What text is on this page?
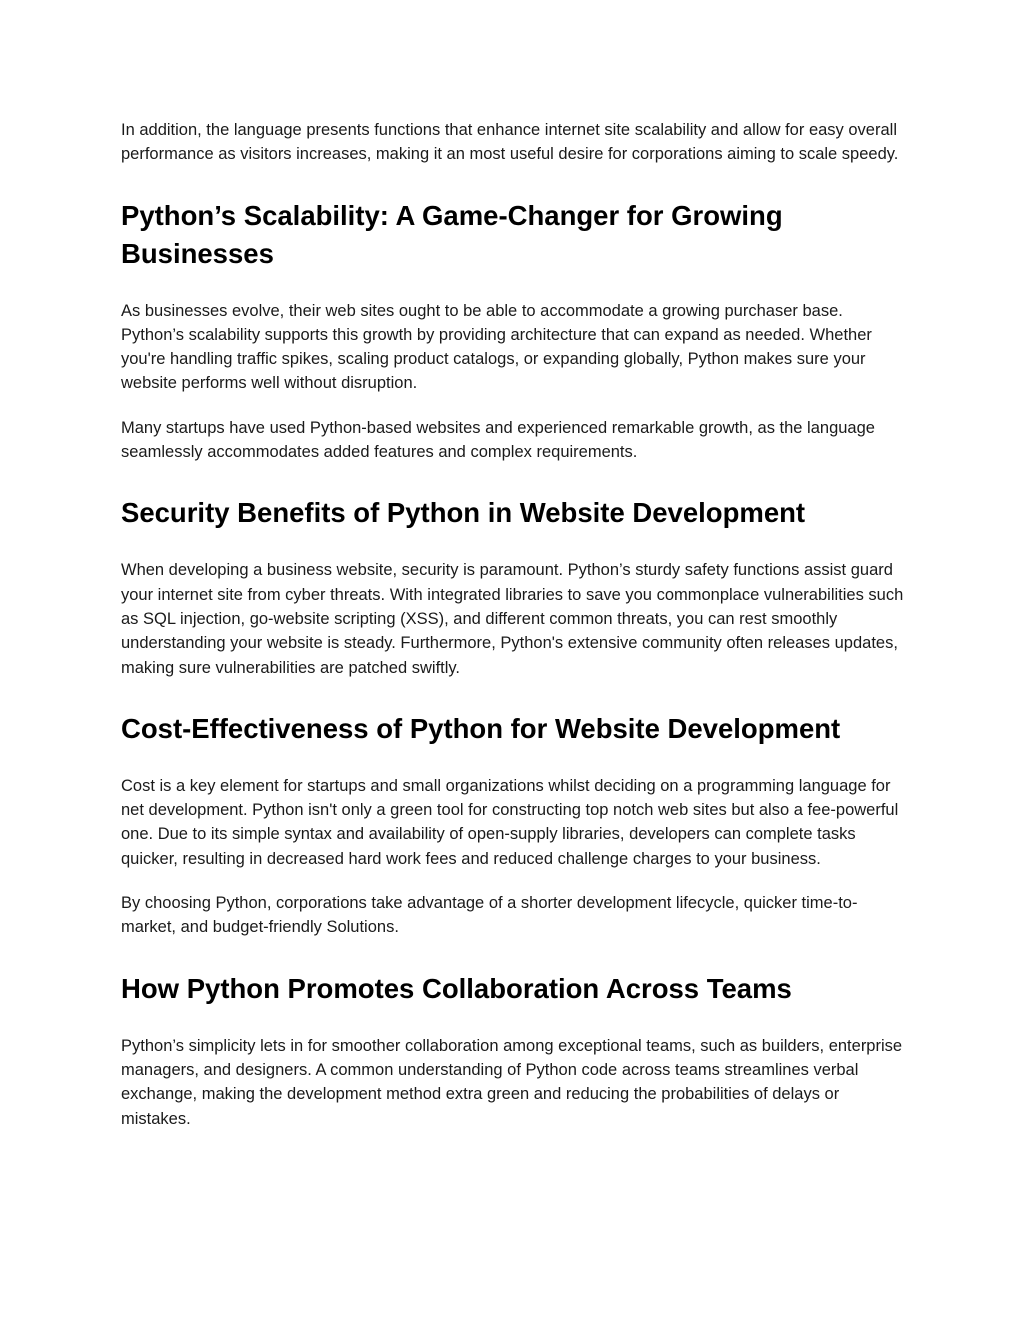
In addition, the language presents functions that enhance internet site scalability and allow for easy overall performance as visitors increases, making it an most useful desire for corporations aiming to scale speedy.

Python’s Scalability: A Game-Changer for Growing Businesses

As businesses evolve, their web sites ought to be able to accommodate a growing purchaser base. Python’s scalability supports this growth by providing architecture that can expand as needed. Whether you're handling traffic spikes, scaling product catalogs, or expanding globally, Python makes sure your website performs well without disruption.

Many startups have used Python-based websites and experienced remarkable growth, as the language seamlessly accommodates added features and complex requirements.

Security Benefits of Python in Website Development

When developing a business website, security is paramount. Python’s sturdy safety functions assist guard your internet site from cyber threats. With integrated libraries to save you commonplace vulnerabilities such as SQL injection, go-website scripting (XSS), and different common threats, you can rest smoothly understanding your website is steady. Furthermore, Python's extensive community often releases updates, making sure vulnerabilities are patched swiftly.

Cost-Effectiveness of Python for Website Development

Cost is a key element for startups and small organizations whilst deciding on a programming language for net development. Python isn't only a green tool for constructing top notch web sites but also a fee-powerful one. Due to its simple syntax and availability of open-supply libraries, developers can complete tasks quicker, resulting in decreased hard work fees and reduced challenge charges to your business.

By choosing Python, corporations take advantage of a shorter development lifecycle, quicker time-to-market, and budget-friendly Solutions.

How Python Promotes Collaboration Across Teams

Python’s simplicity lets in for smoother collaboration among exceptional teams, such as builders, enterprise managers, and designers. A common understanding of Python code across teams streamlines verbal exchange, making the development method extra green and reducing the probabilities of delays or mistakes.
